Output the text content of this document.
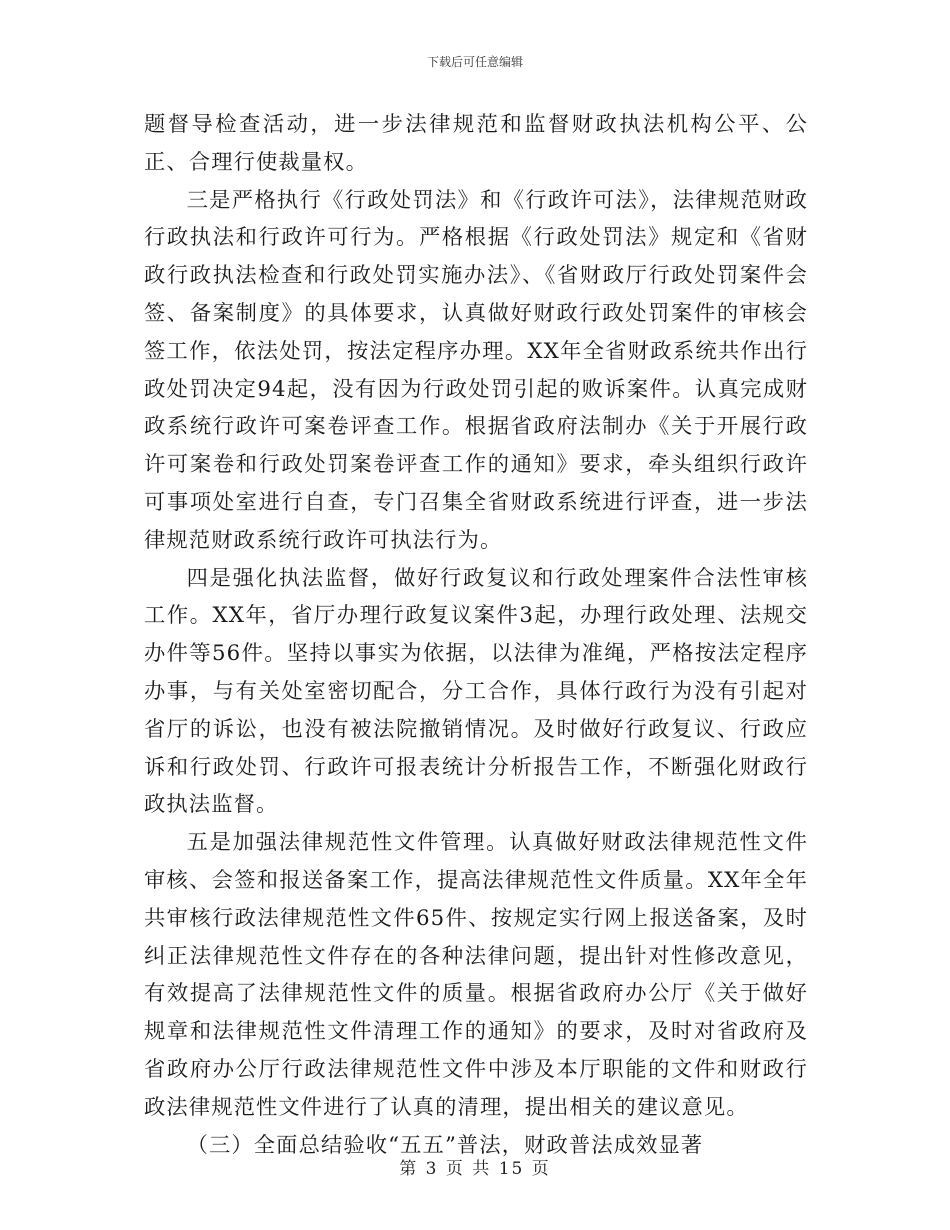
下载后可任意编辑

题督导检查活动，进一步法律规范和监督财政执法机构公平、公正、合理行使裁量权。

三是严格执行《行政处罚法》和《行政许可法》，法律规范财政行政执法和行政许可行为。严格根据《行政处罚法》规定和《省财政行政执法检查和行政处罚实施办法》、《省财政厅行政处罚案件会签、备案制度》的具体要求，认真做好财政行政处罚案件的审核会签工作，依法处罚，按法定程序办理。XX年全省财政系统共作出行政处罚决定94起，没有因为行政处罚引起的败诉案件。认真完成财政系统行政许可案卷评查工作。根据省政府法制办《关于开展行政许可案卷和行政处罚案卷评查工作的通知》要求，牵头组织行政许可事项处室进行自查，专门召集全省财政系统进行评查，进一步法律规范财政系统行政许可执法行为。

四是强化执法监督，做好行政复议和行政处理案件合法性审核工作。XX年，省厅办理行政复议案件3起，办理行政处理、法规交办件等56件。坚持以事实为依据，以法律为准绳，严格按法定程序办事，与有关处室密切配合，分工合作，具体行政行为没有引起对省厅的诉讼，也没有被法院撤销情况。及时做好行政复议、行政应诉和行政处罚、行政许可报表统计分析报告工作，不断强化财政行政执法监督。

五是加强法律规范性文件管理。认真做好财政法律规范性文件审核、会签和报送备案工作，提高法律规范性文件质量。XX年全年共审核行政法律规范性文件65件、按规定实行网上报送备案，及时纠正法律规范性文件存在的各种法律问题，提出针对性修改意见，有效提高了法律规范性文件的质量。根据省政府办公厅《关于做好规章和法律规范性文件清理工作的通知》的要求，及时对省政府及省政府办公厅行政法律规范性文件中涉及本厅职能的文件和财政行政法律规范性文件进行了认真的清理，提出相关的建议意见。

（三）全面总结验收“五五”普法，财政普法成效显著

第 3 页 共 15 页
